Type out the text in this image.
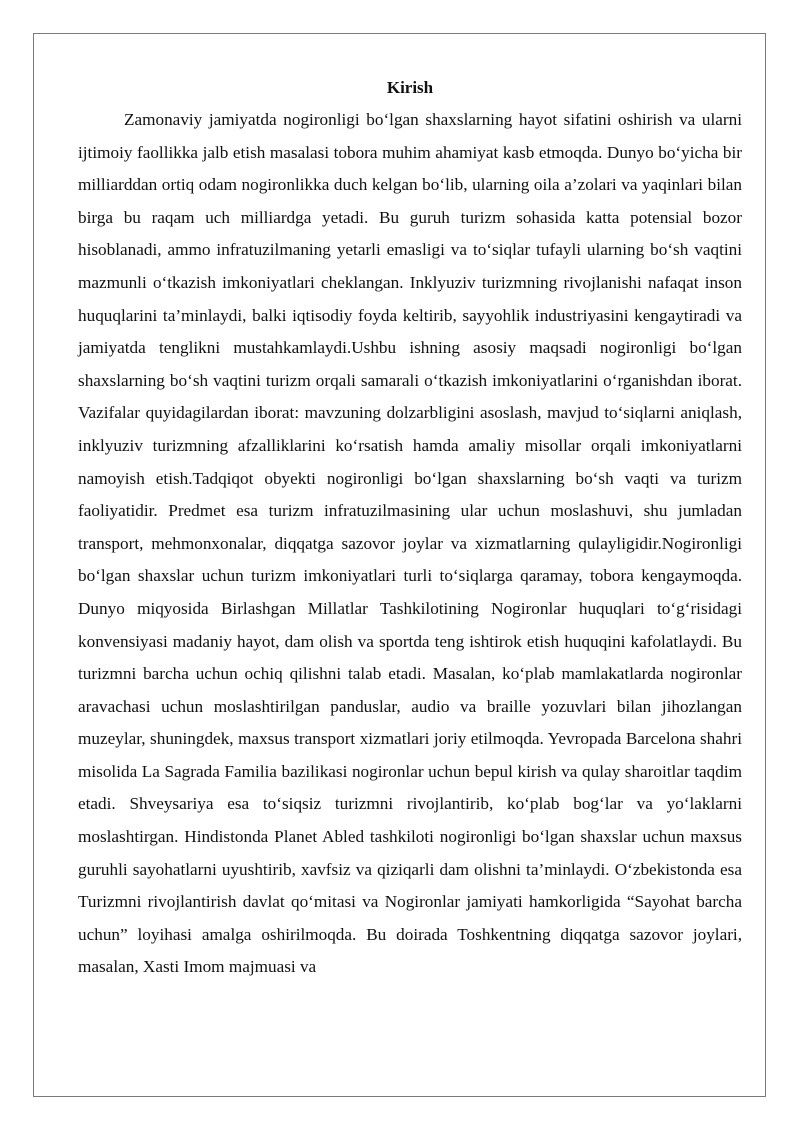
Kirish

Zamonaviy jamiyatda nogironligi bo‘lgan shaxslarning hayot sifatini oshirish va ularni ijtimoiy faollikka jalb etish masalasi tobora muhim ahamiyat kasb etmoqda. Dunyo bo‘yicha bir milliarddan ortiq odam nogironlikka duch kelgan bo‘lib, ularning oila a’zolari va yaqinlari bilan birga bu raqam uch milliardga yetadi. Bu guruh turizm sohasida katta potensial bozor hisoblanadi, ammo infratuzilmaning yetarli emasligi va to‘siqlar tufayli ularning bo‘sh vaqtini mazmunli o‘tkazish imkoniyatlari cheklangan. Inklyuziv turizmning rivojlanishi nafaqat inson huquqlarini ta’minlaydi, balki iqtisodiy foyda keltirib, sayyohlik industriyasini kengaytiradi va jamiyatda tenglikni mustahkamlaydi.Ushbu ishning asosiy maqsadi nogironligi bo‘lgan shaxslarning bo‘sh vaqtini turizm orqali samarali o‘tkazish imkoniyatlarini o‘rganishdan iborat. Vazifalar quyidagilardan iborat: mavzuning dolzarbligini asoslash, mavjud to‘siqlarni aniqlash, inklyuziv turizmning afzalliklarini ko‘rsatish hamda amaliy misollar orqali imkoniyatlarni namoyish etish.Tadqiqot obyekti nogironligi bo‘lgan shaxslarning bo‘sh vaqti va turizm faoliyatidir. Predmet esa turizm infratuzilmasining ular uchun moslashuvi, shu jumladan transport, mehmonxonalar, diqqatga sazovor joylar va xizmatlarning qulayligidir.Nogironligi bo‘lgan shaxslar uchun turizm imkoniyatlari turli to‘siqlarga qaramay, tobora kengaymoqda. Dunyo miqyosida Birlashgan Millatlar Tashkilotining Nogironlar huquqlari to‘g‘risidagi konvensiyasi madaniy hayot, dam olish va sportda teng ishtirok etish huquqini kafolatlaydi. Bu turizmni barcha uchun ochiq qilishni talab etadi. Masalan, ko‘plab mamlakatlarda nogironlar aravachasi uchun moslashtirilgan panduslar, audio va braille yozuvlari bilan jihozlangan muzeylar, shuningdek, maxsus transport xizmatlari joriy etilmoqda. Yevropada Barcelona shahri misolida La Sagrada Familia bazilikasi nogironlar uchun bepul kirish va qulay sharoitlar taqdim etadi. Shveysariya esa to‘siqsiz turizmni rivojlantirib, ko‘plab bog‘lar va yo‘laklarni moslashtirgan. Hindistonda Planet Abled tashkiloti nogironligi bo‘lgan shaxslar uchun maxsus guruhli sayohatlarni uyushtirib, xavfsiz va qiziqarli dam olishni ta’minlaydi. O‘zbekistonda esa Turizmni rivojlantirish davlat qo‘mitasi va Nogironlar jamiyati hamkorligida “Sayohat barcha uchun” loyihasi amalga oshirilmoqda. Bu doirada Toshkentning diqqatga sazovor joylari, masalan, Xasti Imom majmuasi va
